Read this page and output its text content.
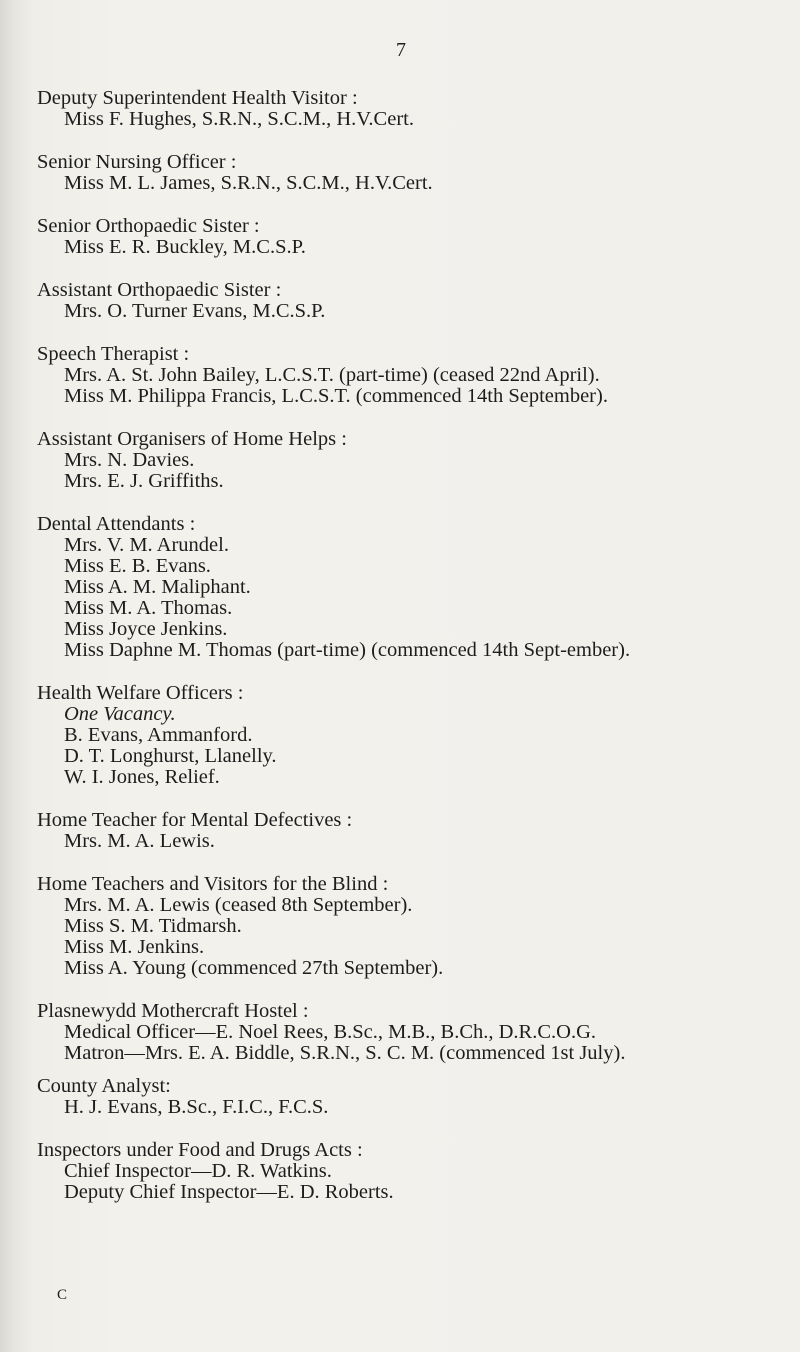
7
Deputy Superintendent Health Visitor :
Miss F. Hughes, S.R.N., S.C.M., H.V.Cert.
Senior Nursing Officer :
Miss M. L. James, S.R.N., S.C.M., H.V.Cert.
Senior Orthopaedic Sister :
Miss E. R. Buckley, M.C.S.P.
Assistant Orthopaedic Sister :
Mrs. O. Turner Evans, M.C.S.P.
Speech Therapist :
Mrs. A. St. John Bailey, L.C.S.T. (part-time) (ceased 22nd April).
Miss M. Philippa Francis, L.C.S.T. (commenced 14th September).
Assistant Organisers of Home Helps :
Mrs. N. Davies.
Mrs. E. J. Griffiths.
Dental Attendants :
Mrs. V. M. Arundel.
Miss E. B. Evans.
Miss A. M. Maliphant.
Miss M. A. Thomas.
Miss Joyce Jenkins.
Miss Daphne M. Thomas (part-time) (commenced 14th Sept-ember).
Health Welfare Officers :
One Vacancy.
B. Evans, Ammanford.
D. T. Longhurst, Llanelly.
W. I. Jones, Relief.
Home Teacher for Mental Defectives :
Mrs. M. A. Lewis.
Home Teachers and Visitors for the Blind :
Mrs. M. A. Lewis (ceased 8th September).
Miss S. M. Tidmarsh.
Miss M. Jenkins.
Miss A. Young (commenced 27th September).
Plasnewydd Mothercraft Hostel :
Medical Officer—E. Noel Rees, B.Sc., M.B., B.Ch., D.R.C.O.G.
Matron—Mrs. E. A. Biddle, S.R.N., S. C. M. (commenced 1st July).
County Analyst:
H. J. Evans, B.Sc., F.I.C., F.C.S.
Inspectors under Food and Drugs Acts :
Chief Inspector—D. R. Watkins.
Deputy Chief Inspector—E. D. Roberts.
C
